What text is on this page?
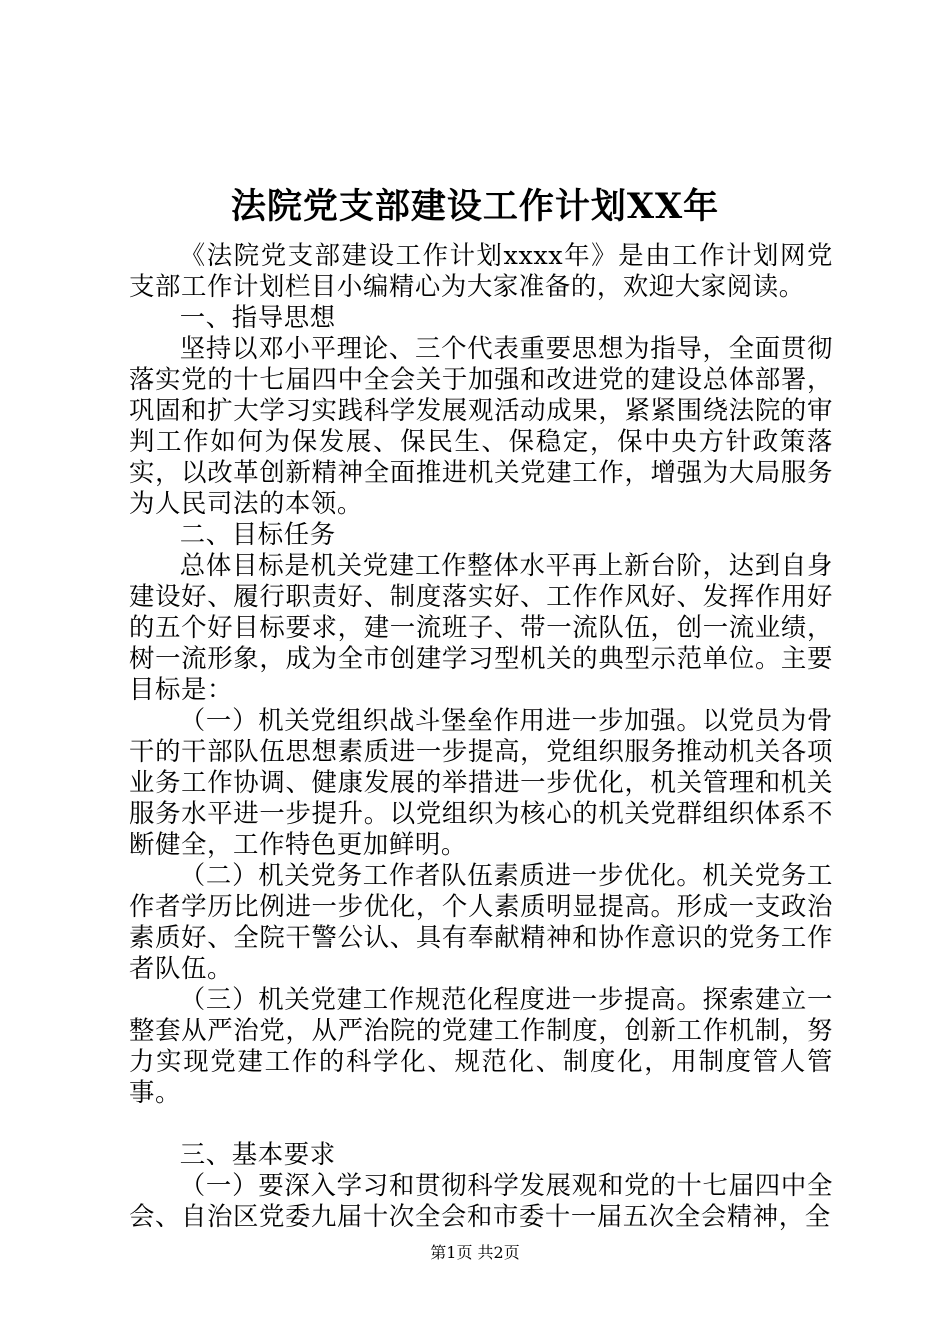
法院党支部建设工作计划XX年

《法院党支部建设工作计划xxxx年》是由工作计划网党支部工作计划栏目小编精心为大家准备的，欢迎大家阅读。

一、指导思想

坚持以邓小平理论、三个代表重要思想为指导，全面贯彻落实党的十七届四中全会关于加强和改进党的建设总体部署，巩固和扩大学习实践科学发展观活动成果，紧紧围绕法院的审判工作如何为保发展、保民生、保稳定，保中央方针政策落实，以改革创新精神全面推进机关党建工作，增强为大局服务为人民司法的本领。

二、目标任务

总体目标是机关党建工作整体水平再上新台阶，达到自身建设好、履行职责好、制度落实好、工作作风好、发挥作用好的五个好目标要求，建一流班子、带一流队伍，创一流业绩，树一流形象，成为全市创建学习型机关的典型示范单位。主要目标是：

（一）机关党组织战斗堡垒作用进一步加强。以党员为骨干的干部队伍思想素质进一步提高，党组织服务推动机关各项业务工作协调、健康发展的举措进一步优化，机关管理和机关服务水平进一步提升。以党组织为核心的机关党群组织体系不断健全，工作特色更加鲜明。

（二）机关党务工作者队伍素质进一步优化。机关党务工作者学历比例进一步优化，个人素质明显提高。形成一支政治素质好、全院干警公认、具有奉献精神和协作意识的党务工作者队伍。

（三）机关党建工作规范化程度进一步提高。探索建立一整套从严治党，从严治院的党建工作制度，创新工作机制，努力实现党建工作的科学化、规范化、制度化，用制度管人管事。

三、基本要求

（一）要深入学习和贯彻科学发展观和党的十七届四中全会、自治区党委九届十次全会和市委十一届五次全会精神，全

第1页 共2页
